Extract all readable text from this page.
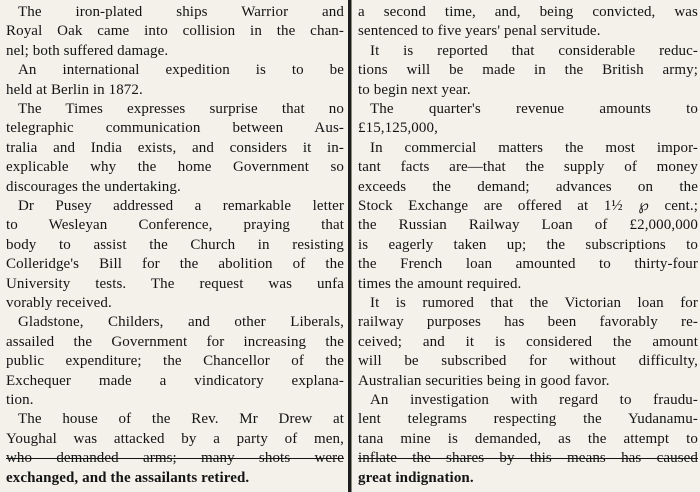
The iron-plated ships Warrior and
Royal Oak came into collision in the chan-
nel; both suffered damage.
An international expedition is to be
held at Berlin in 1872.
The Times expresses surprise that no
telegraphic communication between Aus-
tralia and India exists, and considers it in-
explicable why the home Government so
discourages the undertaking.
Dr Pusey addressed a remarkable letter
to Wesleyan Conference, praying that
body to assist the Church in resisting
Colleridge's Bill for the abolition of the
University tests. The request was unfa
vorably received.
Gladstone, Childers, and other Liberals,
assailed the Government for increasing the
public expenditure; the Chancellor of the
Exchequer made a vindicatory explana-
tion.
The house of the Rev. Mr Drew at
Youghal was attacked by a party of men,
who demanded arms; many shots were
exchanged, and the assailants retired.
a second time, and, being convicted, was
sentenced to five years' penal servitude.
It is reported that considerable reduc-
tions will be made in the British army;
to begin next year.
The quarter's revenue amounts to
£15,125,000,
In commercial matters the most impor-
tant facts are—that the supply of money
exceeds the demand; advances on the
Stock Exchange are offered at 1½ ℘ cent.;
the Russian Railway Loan of £2,000,000
is eagerly taken up; the subscriptions to
the French loan amounted to thirty-four
times the amount required.
It is rumored that the Victorian loan for
railway purposes has been favorably re-
ceived; and it is considered the amount
will be subscribed for without difficulty,
Australian securities being in good favor.
An investigation with regard to fraudu-
lent telegrams respecting the Yudanamu-
tana mine is demanded, as the attempt to
inflate the shares by this means has caused
great indignation.
